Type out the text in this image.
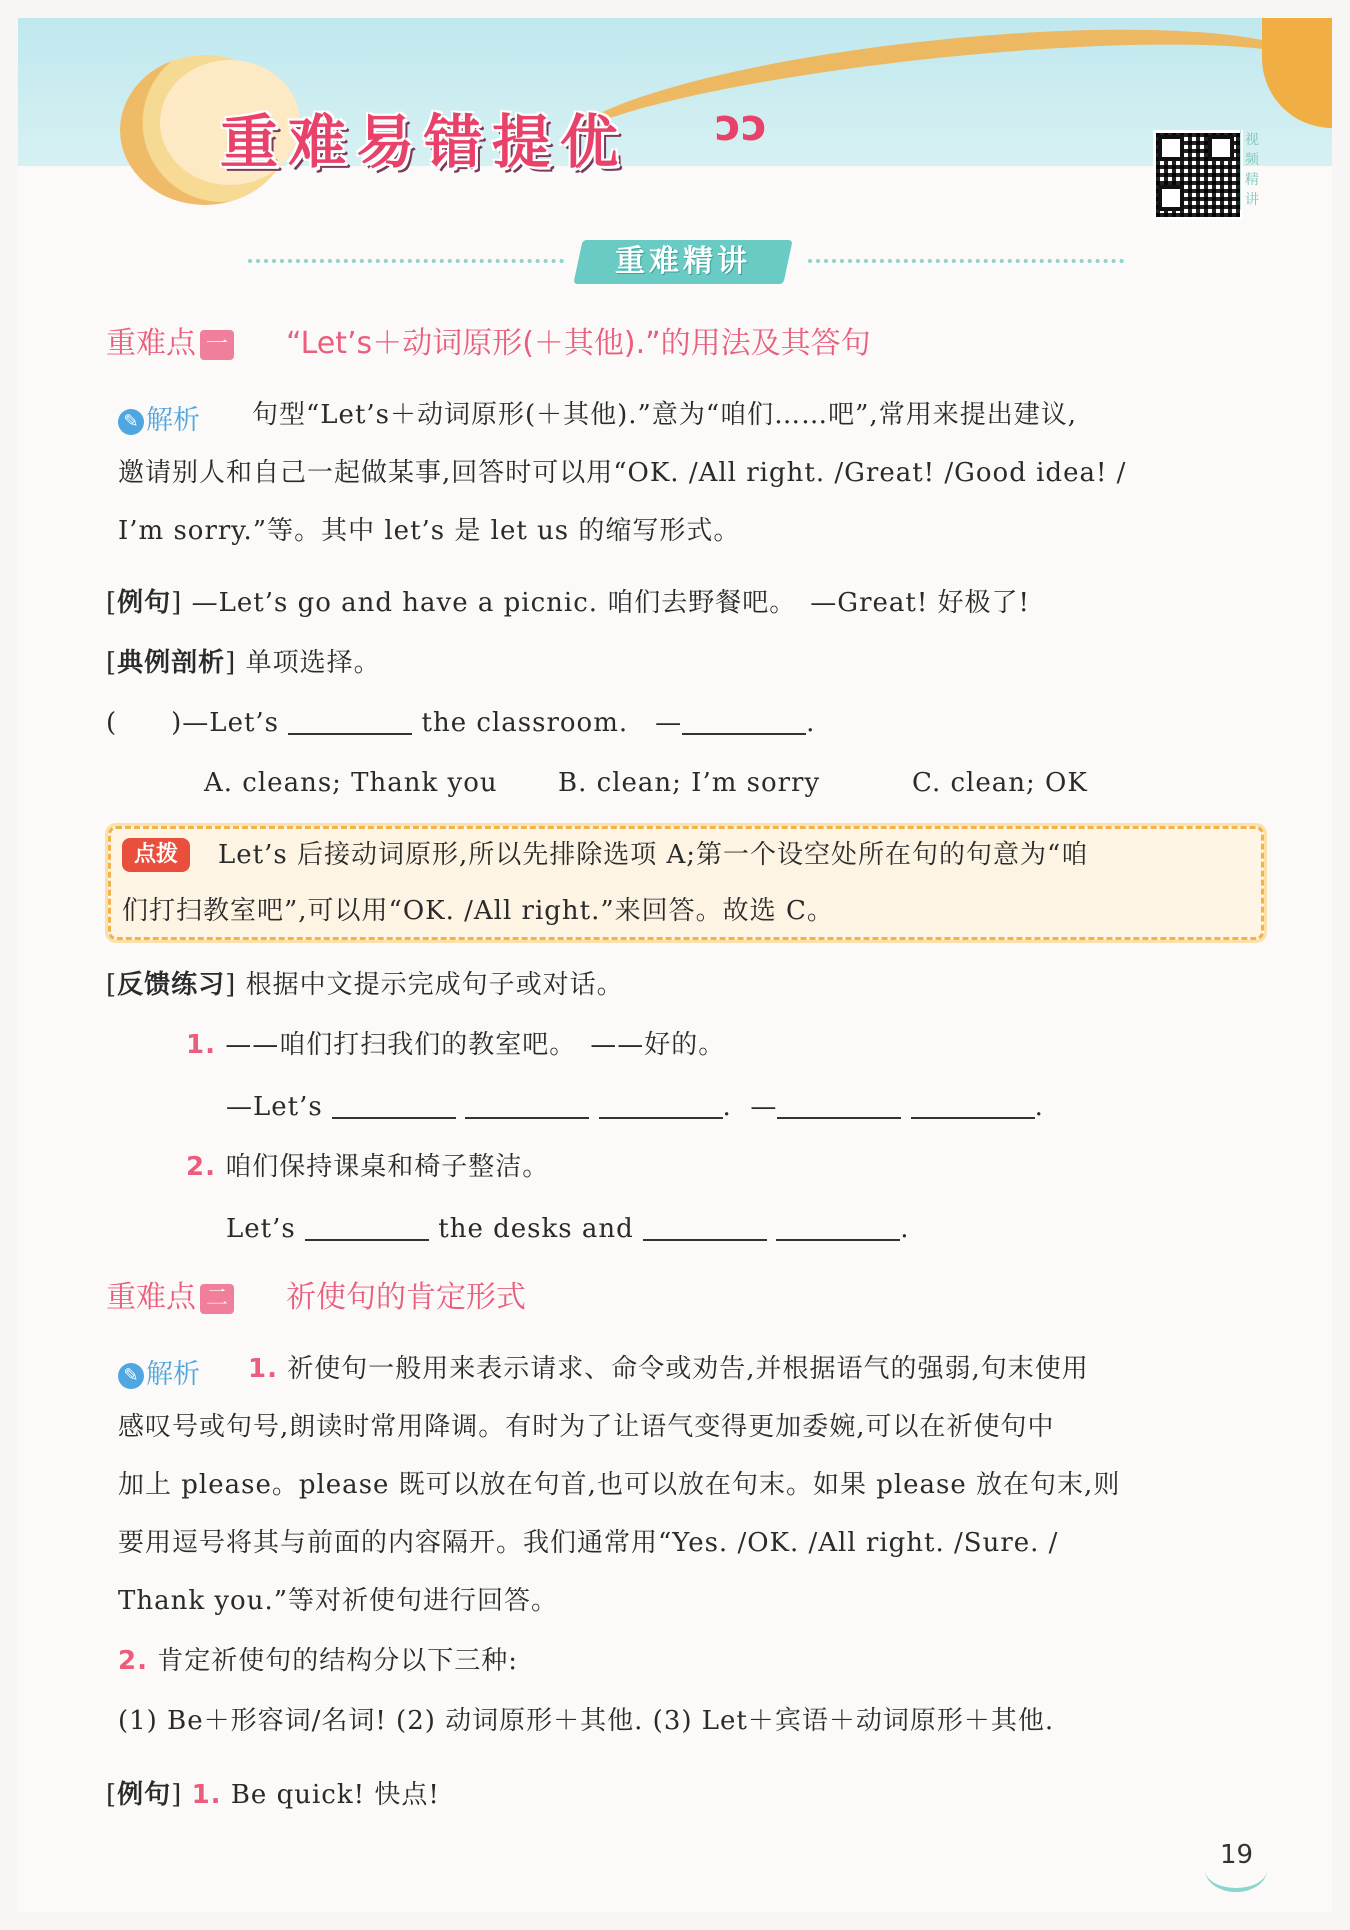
重难易错提优 ↄↄ	视频精讲
重难精讲
重难点 一 “Let’s＋动词原形(＋其他).”的用法及其答句
✎ 解析 句型“Let’s＋动词原形(＋其他).”意为“咱们……吧”,常用来提出建议,
邀请别人和自己一起做某事,回答时可以用“OK. /All right. /Great! /Good idea! /
I’m sorry.”等。其中 let’s 是 let us 的缩写形式。
[例句] —Let’s go and have a picnic. 咱们去野餐吧。　—Great! 好极了!
[典例剖析] 单项选择。
(　　)—Let’s	the classroom.　—	.
A. cleans; Thank you B. clean; I’m sorry	C. clean; OK
点拨	Let’s 后接动词原形,所以先排除选项 A;第一个设空处所在句的句意为“咱
们打扫教室吧”,可以用“OK. /All right.”来回答。故选 C。
[反馈练习] 根据中文提示完成句子或对话。
1. ——咱们打扫我们的教室吧。　——好的。
—Let’s	. —	.
2. 咱们保持课桌和椅子整洁。
Let’s	the desks and	.
重难点 二 祈使句的肯定形式
✎ 解析 1. 祈使句一般用来表示请求、命令或劝告,并根据语气的强弱,句末使用
感叹号或句号,朗读时常用降调。有时为了让语气变得更加委婉,可以在祈使句中
加上 please。please 既可以放在句首,也可以放在句末。如果 please 放在句末,则
要用逗号将其与前面的内容隔开。我们通常用“Yes. /OK. /All right. /Sure. /
Thank you.”等对祈使句进行回答。
2. 肯定祈使句的结构分以下三种:
(1) Be＋形容词/名词! (2) 动词原形＋其他. (3) Let＋宾语＋动词原形＋其他.
[例句] 1. Be quick! 快点!
19
